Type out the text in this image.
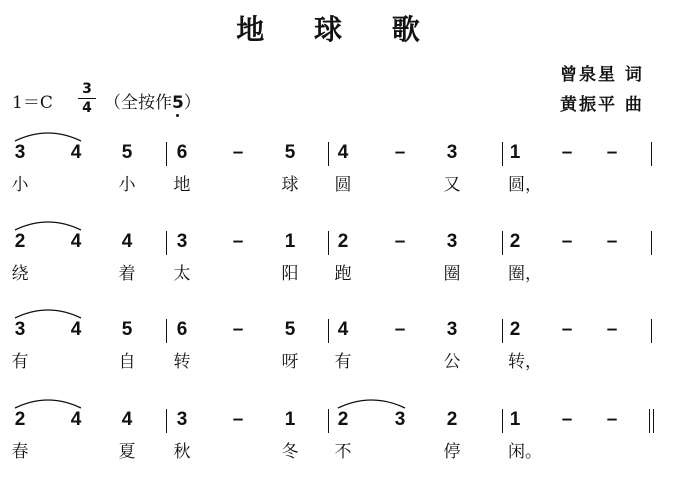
地 球 歌
曾泉星 词
黄振平 曲
1＝C
3
4 （全按作5）
3	4	5	6	–	5	4	–	3	1	–	–
小	小 地	球 圆	又	圆，
2	4	4	3	–	1	2	–	3	2	–	–
绕	着 太	阳 跑	圈	圈，
3	4	5	6	–	5	4	–	3	2	–	–
有	自 转	呀 有	公	转，
2	4	4	3	–	1	2	3	2	1	–	–
春	夏 秋	冬 不	停	闲。
